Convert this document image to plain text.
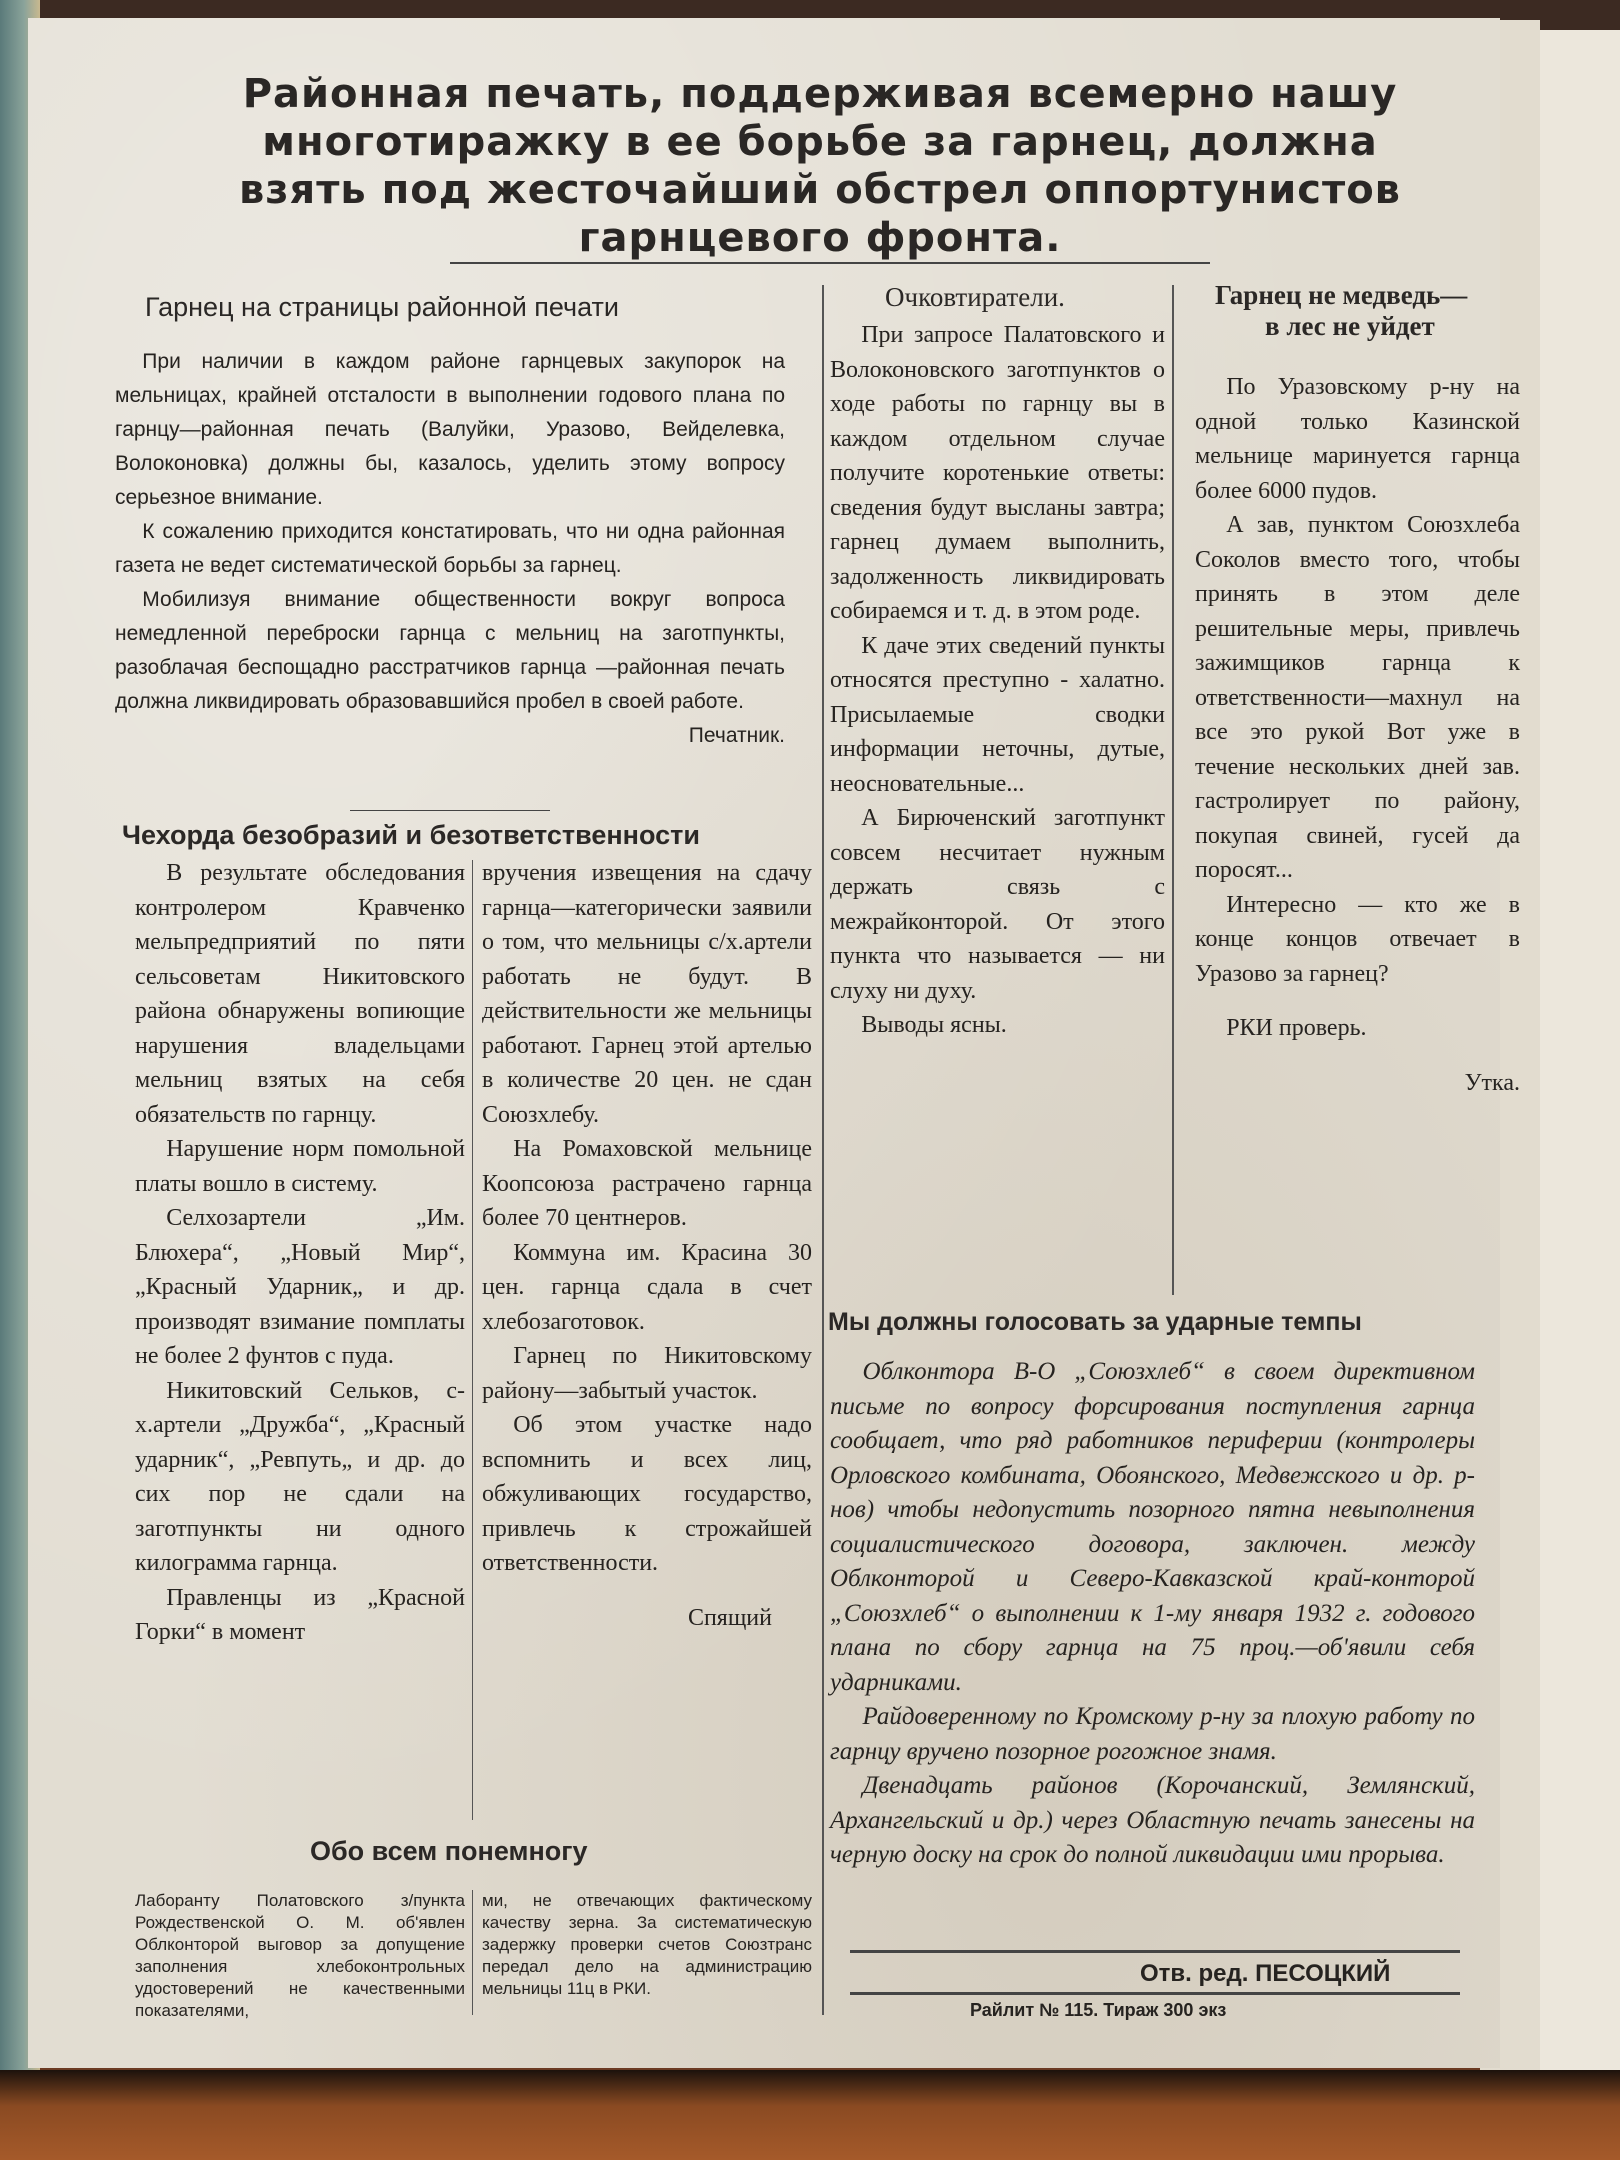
Районная печать, поддерживая всемерно нашу
многотиражку в ее борьбе за гарнец, должна
взять под жесточайший обстрел оппортунистов
гарнцевого фронта.
Гарнец на страницы районной печати

При наличии в каждом районе гарнцевых закупорок на мельницах, крайней отсталости в выполнении годового плана по гарнцу—районная печать (Валуйки, Уразово, Вейделевка, Волоконовка) должны бы, казалось, уделить этому вопросу серьезное внимание.

К сожалению приходится констатировать, что ни одна районная газета не ведет систематической борьбы за гарнец.

Мобилизуя внимание общественности вокруг вопроса немедленной переброски гарнца с мельниц на заготпункты, разоблачая беспощадно расстратчиков гарнца —районная печать должна ликвидировать образовавшийся пробел в своей работе.

Печатник.
Очковтиратели.

При запросе Палатовского и Волоконовского заготпунктов о ходе работы по гарнцу вы в каждом отдельном случае получите коротенькие ответы: сведения будут высланы завтра; гарнец думаем выполнить, задолженность ликвидировать собираемся и т. д. в этом роде.

К даче этих сведений пункты относятся преступно - халатно. Присылаемые сводки информации неточны, дутые, неосновательные...

А Бирюченский заготпункт совсем несчитает нужным держать связь с межрайконторой. От этого пункта что называется — ни слуху ни духу.

Выводы ясны.

Гарнец не медведь—
в лес не уйдет

По Уразовскому р-ну на одной только Казинской мельнице маринуется гарнца более 6000 пудов.

А зав, пунктом Союзхлеба Соколов вместо того, чтобы принять в этом деле решительные меры, привлечь зажимщиков гарнца к ответственности—махнул на все это рукой Вот уже в течение нескольких дней зав. гастролирует по району, покупая свиней, гусей да поросят...

Интересно — кто же в конце концов отвечает в Уразово за гарнец?

РКИ проверь.

Утка.
Чехорда безобразий и безответственности

В результате обследования контролером Кравченко мельпредприятий по пяти сельсоветам Никитовского района обнаружены вопиющие нарушения владельцами мельниц взятых на себя обязательств по гарнцу.

Нарушение норм помольной платы вошло в систему.

Селхозартели „Им. Блюхера“, „Новый Мир“, „Красный Ударник„ и др. производят взимание помплаты не более 2 фунтов с пуда.

Никитовский Сельков, с-х.артели „Дружба“, „Красный ударник“, „Ревпуть„ и др. до сих пор не сдали на заготпункты ни одного килограмма гарнца.

Правленцы из „Красной Горки“ в момент

вручения извещения на сдачу гарнца—категорически заявили о том, что мельницы с/х.артели работать не будут. В действительности же мельницы работают. Гарнец этой артелью в количестве 20 цен. не сдан Союзхлебу.

На Ромаховской мельнице Коопсоюза растрачено гарнца более 70 центнеров.

Коммуна им. Красина 30 цен. гарнца сдала в счет хлебозаготовок.

Гарнец по Никитовскому району—забытый участок.

Об этом участке надо вспомнить и всех лиц, обжуливающих государство, привлечь к строжайшей ответственности.

Спящий
Мы должны голосовать за ударные темпы

Облконтора В-О „Союзхлеб“ в своем директивном письме по вопросу форсирования поступления гарнца сообщает, что ряд работников периферии (контролеры Орловского комбината, Обоянского, Медвежского и др. р-нов) чтобы недопустить позорного пятна невыполнения социалистического договора, заключен. между Облконторой и Северо-Кавказской край-конторой „Союзхлеб“ о выполнении к 1-му января 1932 г. годового плана по сбору гарнца на 75 проц.—об'явили себя ударниками.

Райдоверенному по Кромскому р-ну за плохую работу по гарнцу вручено позорное рогожное знамя.

Двенадцать районов (Корочанский, Землянский, Архангельский и др.) через Областную печать занесены на черную доску на срок до полной ликвидации ими прорыва.

Обо всем понемногу
Лаборанту Полатовского з/пункта Рождественской О. М. об'явлен Облконторой выговор за допущение заполнения хлебоконтрольных удостоверений не качественными показателями,
ми, не отвечающих фактическому качеству зерна. За систематическую задержку проверки счетов Союзтранс передал дело на администрацию мельницы 11ц в РКИ.
Отв. ред. ПЕСОЦКИЙ
Райлит № 115. Тираж 300 экз
